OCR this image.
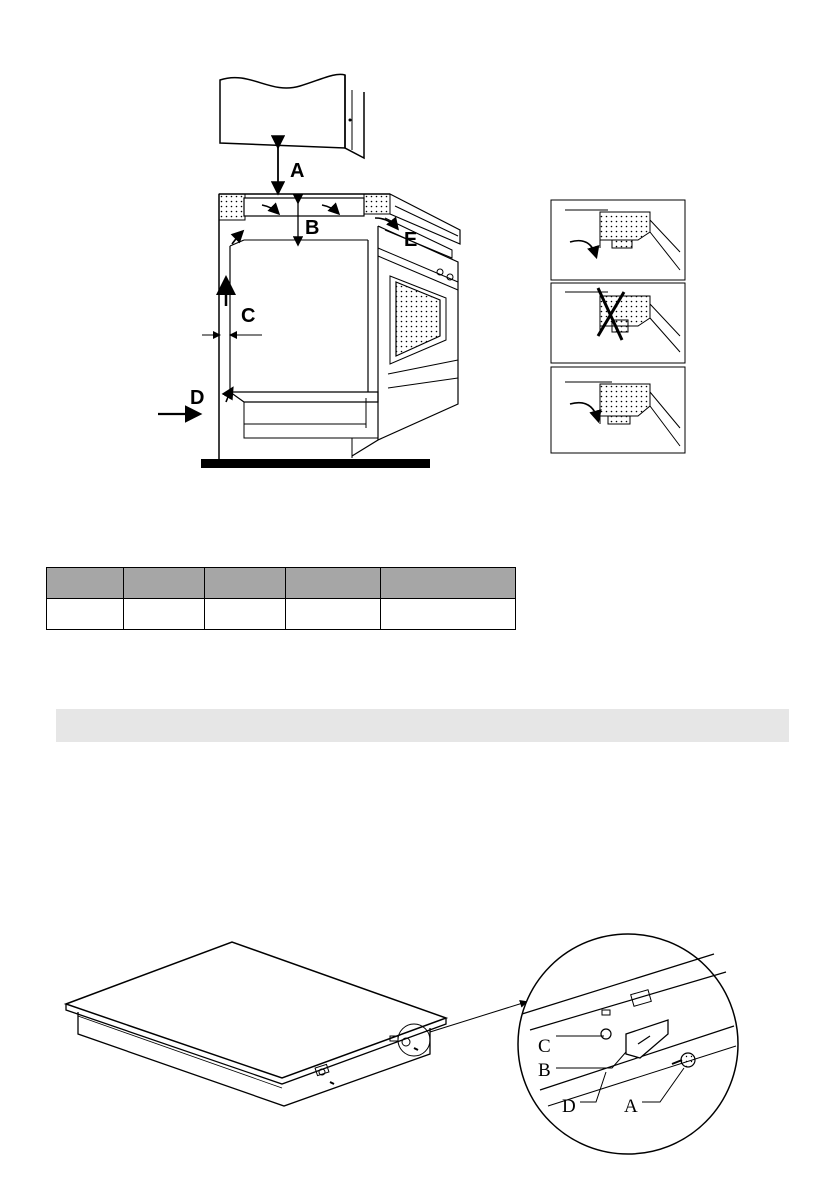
A
B
E
C
D

C
B
D	A
